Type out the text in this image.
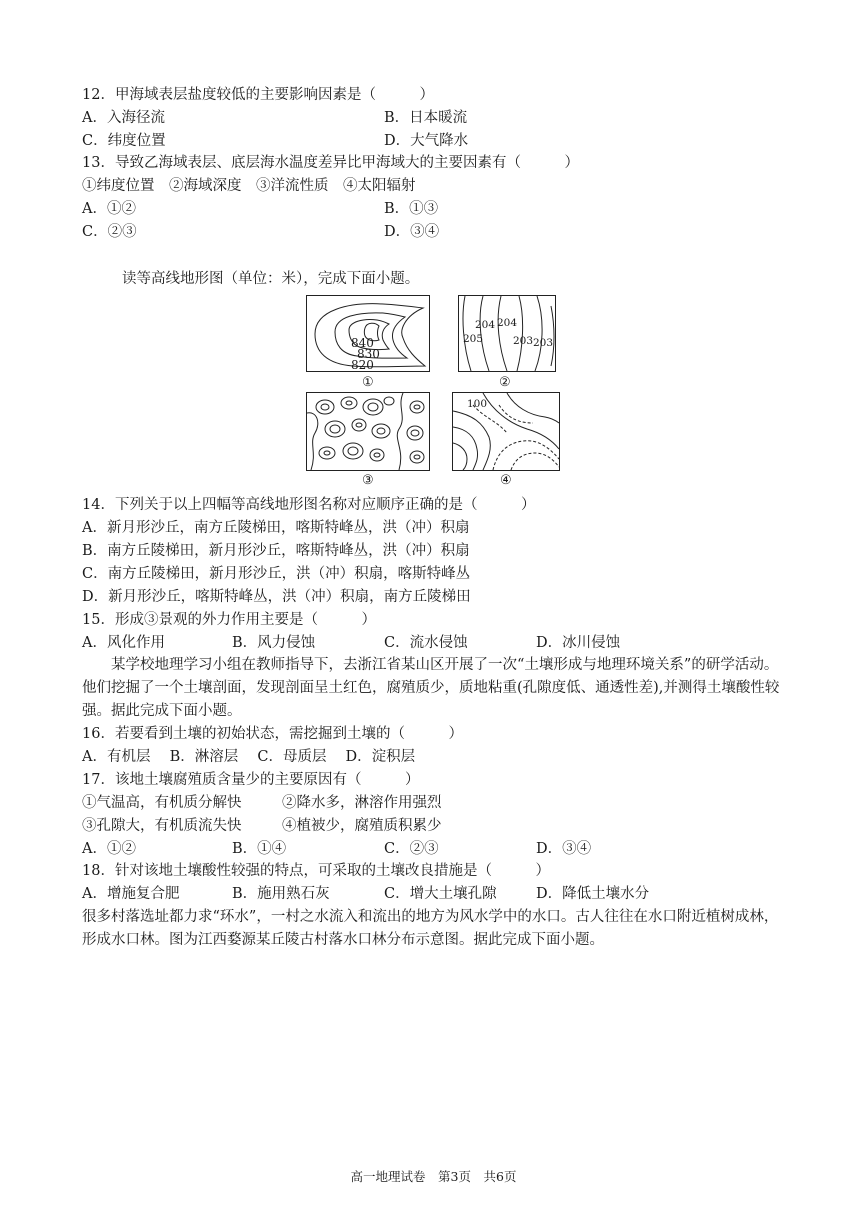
12．甲海域表层盐度较低的主要影响因素是（　　　）
A．入海径流	B．日本暖流
C．纬度位置	D．大气降水
13．导致乙海域表层、底层海水温度差异比甲海域大的主要因素有（　　　）
①纬度位置　②海域深度　③洋流性质　④太阳辐射
A．①②	B．①③
C．②③	D．③④
读等高线地形图（单位：米），完成下面小题。
840
830
820
①
204 204
205	203 203
②
③
100
④
14．下列关于以上四幅等高线地形图名称对应顺序正确的是（　　　）
A．新月形沙丘，南方丘陵梯田，喀斯特峰丛，洪（冲）积扇
B．南方丘陵梯田，新月形沙丘，喀斯特峰丛，洪（冲）积扇
C．南方丘陵梯田，新月形沙丘，洪（冲）积扇，喀斯特峰丛
D．新月形沙丘，喀斯特峰丛，洪（冲）积扇，南方丘陵梯田
15．形成③景观的外力作用主要是（　　　）
A．风化作用	B．风力侵蚀	C．流水侵蚀	D．冰川侵蚀
某学校地理学习小组在教师指导下，去浙江省某山区开展了一次“土壤形成与地理环境关系”的研学活动。他们挖掘了一个土壤剖面，发现剖面呈土红色，腐殖质少，质地粘重(孔隙度低、通透性差),并测得土壤酸性较强。据此完成下面小题。
16．若要看到土壤的初始状态，需挖掘到土壤的（　　　）
A．有机层　 B．淋溶层　 C．母质层　 D．淀积层
17．该地土壤腐殖质含量少的主要原因有（　　　）
①气温高，有机质分解快	②降水多，淋溶作用强烈
③孔隙大，有机质流失快	④植被少，腐殖质积累少
A．①②	B．①④	C．②③	D．③④
18．针对该地土壤酸性较强的特点，可采取的土壤改良措施是（　　　）
A．增施复合肥	B．施用熟石灰	C．增大土壤孔隙	D．降低土壤水分
很多村落选址都力求“环水”，一村之水流入和流出的地方为风水学中的水口。古人往往在水口附近植树成林，形成水口林。图为江西婺源某丘陵古村落水口林分布示意图。据此完成下面小题。
高一地理试卷　第3页　共6页
